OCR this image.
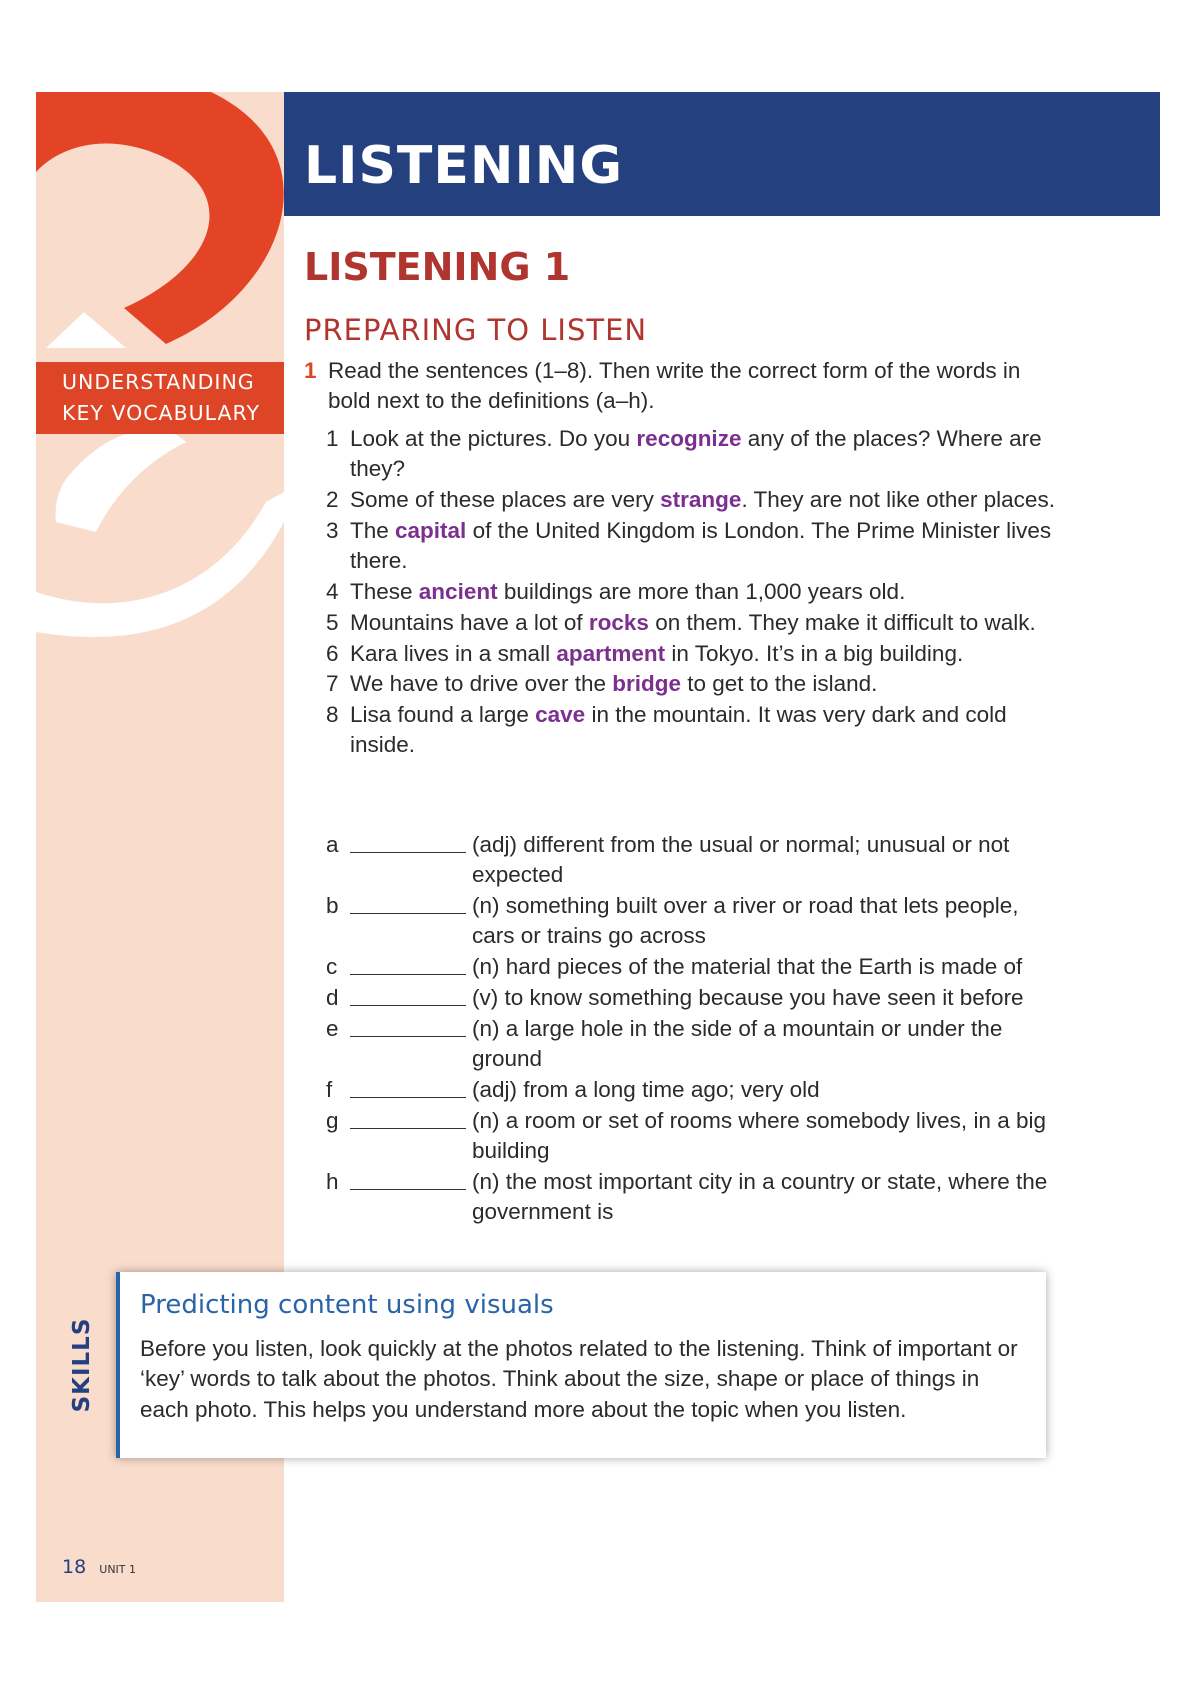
LISTENING
LISTENING 1
PREPARING TO LISTEN
UNDERSTANDING
KEY VOCABULARY
1 Read the sentences (1–8). Then write the correct form of the words in bold next to the definitions (a–h).
1 Look at the pictures. Do you recognize any of the places? Where are they?
2 Some of these places are very strange. They are not like other places.
3 The capital of the United Kingdom is London. The Prime Minister lives there.
4 These ancient buildings are more than 1,000 years old.
5 Mountains have a lot of rocks on them. They make it difficult to walk.
6 Kara lives in a small apartment in Tokyo. It’s in a big building.
7 We have to drive over the bridge to get to the island.
8 Lisa found a large cave in the mountain. It was very dark and cold inside.
a	(adj) different from the usual or normal; unusual or not expected
b	(n) something built over a river or road that lets people, cars or trains go across
c	(n) hard pieces of the material that the Earth is made of
d	(v) to know something because you have seen it before
e	(n) a large hole in the side of a mountain or under the ground
f	(adj) from a long time ago; very old
g	(n) a room or set of rooms where somebody lives, in a big building
h	(n) the most important city in a country or state, where the government is
SKILLS
Predicting content using visuals

Before you listen, look quickly at the photos related to the listening. Think of important or ‘key’ words to talk about the photos. Think about the size, shape or place of things in each photo. This helps you understand more about the topic when you listen.

18 UNIT 1
